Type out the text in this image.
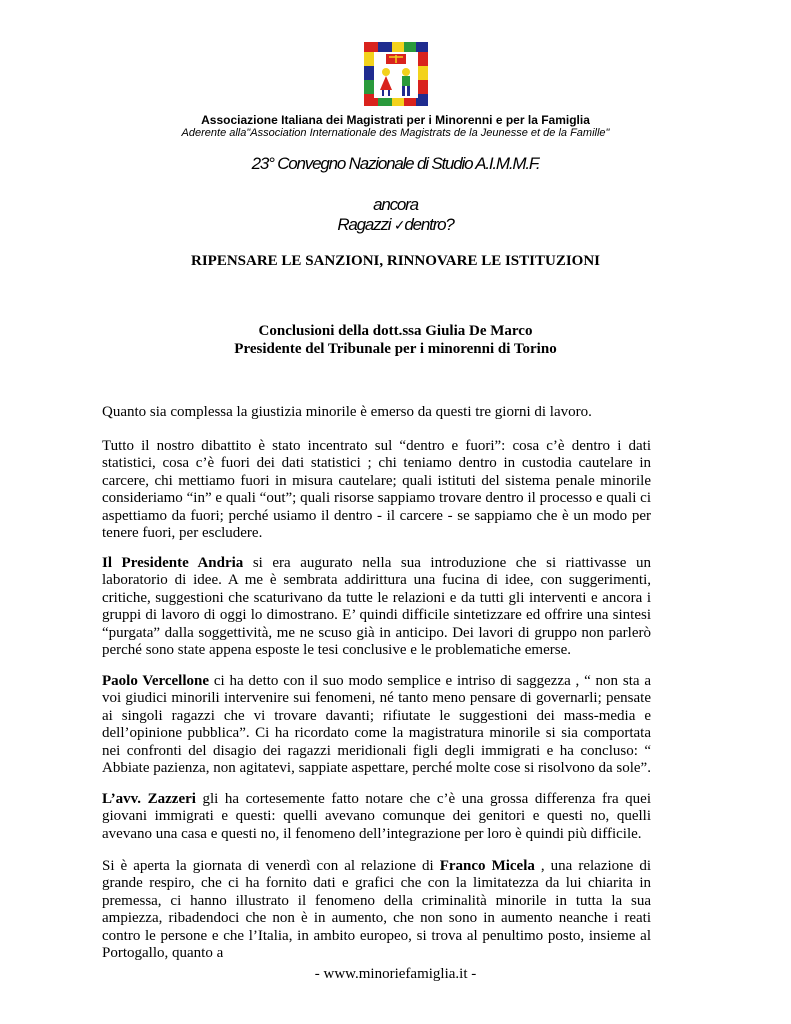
Associazione Italiana dei Magistrati per i Minorenni e per la Famiglia
Aderente alla"Association Internationale des Magistrats de la Jeunesse et de la Famille"
23° Convegno Nazionale di Studio A.I.M.M.F.
ancora
Ragazzi ✓dentro?
RIPENSARE LE SANZIONI, RINNOVARE LE ISTITUZIONI
Conclusioni della dott.ssa Giulia De Marco
Presidente del Tribunale per i minorenni di Torino
Quanto sia complessa la giustizia minorile è emerso da questi tre giorni di lavoro.
Tutto il nostro dibattito è stato incentrato sul “dentro e fuori”: cosa c’è dentro i dati statistici, cosa c’è fuori dei dati statistici ; chi teniamo dentro in custodia cautelare in carcere, chi mettiamo fuori in misura cautelare; quali istituti del sistema penale minorile consideriamo “in” e quali “out”; quali risorse sappiamo trovare dentro il processo e quali ci aspettiamo da fuori; perché usiamo il dentro - il carcere - se sappiamo che è un modo per tenere fuori, per escludere.
Il Presidente Andria si era augurato nella sua introduzione che si riattivasse un laboratorio di idee. A me è sembrata addirittura una fucina di idee, con suggerimenti, critiche, suggestioni che scaturivano da tutte le relazioni e da tutti gli interventi e ancora i gruppi di lavoro di oggi lo dimostrano. E’ quindi difficile sintetizzare ed offrire una sintesi “purgata” dalla soggettività, me ne scuso già in anticipo. Dei lavori di gruppo non parlerò perché sono state appena esposte le tesi conclusive e le problematiche emerse.
Paolo Vercellone ci ha detto con il suo modo semplice e intriso di saggezza , “ non sta a voi giudici minorili intervenire sui fenomeni, né tanto meno pensare di governarli; pensate ai singoli ragazzi che vi trovare davanti; rifiutate le suggestioni dei mass-media e dell’opinione pubblica”. Ci ha ricordato come la magistratura minorile si sia comportata nei confronti del disagio dei ragazzi meridionali figli degli immigrati e ha concluso: “ Abbiate pazienza, non agitatevi, sappiate aspettare, perché molte cose si risolvono da sole”.
L’avv. Zazzeri gli ha cortesemente fatto notare che c’è una grossa differenza fra quei giovani immigrati e questi: quelli avevano comunque dei genitori e questi no, quelli avevano una casa e questi no, il fenomeno dell’integrazione per loro è quindi più difficile.
Si è aperta la giornata di venerdì con al relazione di Franco Micela , una relazione di grande respiro, che ci ha fornito dati e grafici che con la limitatezza da lui chiarita in premessa, ci hanno illustrato il fenomeno della criminalità minorile in tutta la sua ampiezza, ribadendoci che non è in aumento, che non sono in aumento neanche i reati contro le persone e che l’Italia, in ambito europeo, si trova al penultimo posto, insieme al Portogallo, quanto a
- www.minoriefamiglia.it -
